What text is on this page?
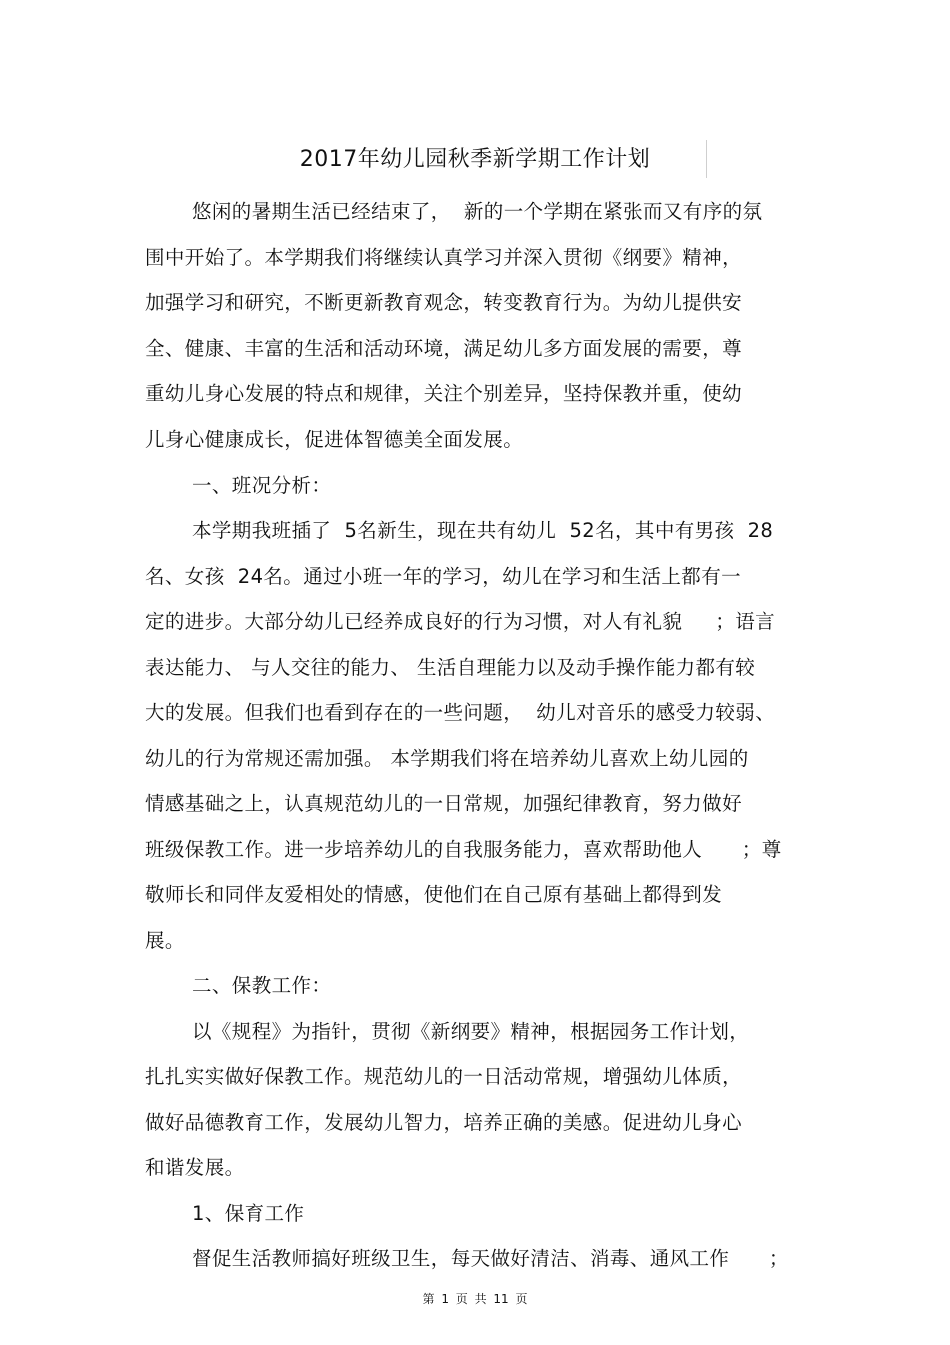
2017年幼儿园秋季新学期工作计划
悠闲的暑期生活已经结束了，  新的一个学期在紧张而又有序的氛
围中开始了。本学期我们将继续认真学习并深入贯彻《纲要》精神，
加强学习和研究，不断更新教育观念，转变教育行为。为幼儿提供安
全、健康、丰富的生活和活动环境，满足幼儿多方面发展的需要，尊
重幼儿身心发展的特点和规律，关注个别差异，坚持保教并重，使幼
儿身心健康成长，促进体智德美全面发展。
一、班况分析：
本学期我班插了  5名新生，现在共有幼儿  52名，其中有男孩  28
名、女孩  24名。通过小班一年的学习，幼儿在学习和生活上都有一
定的进步。大部分幼儿已经养成良好的行为习惯，对人有礼貌     ；语言
表达能力、 与人交往的能力、 生活自理能力以及动手操作能力都有较
大的发展。但我们也看到存在的一些问题，  幼儿对音乐的感受力较弱、
幼儿的行为常规还需加强。 本学期我们将在培养幼儿喜欢上幼儿园的
情感基础之上，认真规范幼儿的一日常规，加强纪律教育，努力做好
班级保教工作。进一步培养幼儿的自我服务能力，喜欢帮助他人      ；尊
敬师长和同伴友爱相处的情感，使他们在自己原有基础上都得到发
展。
二、保教工作：
以《规程》为指针，贯彻《新纲要》精神，根据园务工作计划，
扎扎实实做好保教工作。规范幼儿的一日活动常规，增强幼儿体质，
做好品德教育工作，发展幼儿智力，培养正确的美感。促进幼儿身心
和谐发展。
1、保育工作
督促生活教师搞好班级卫生，每天做好清洁、消毒、通风工作      ；
第 1 页 共 11 页
